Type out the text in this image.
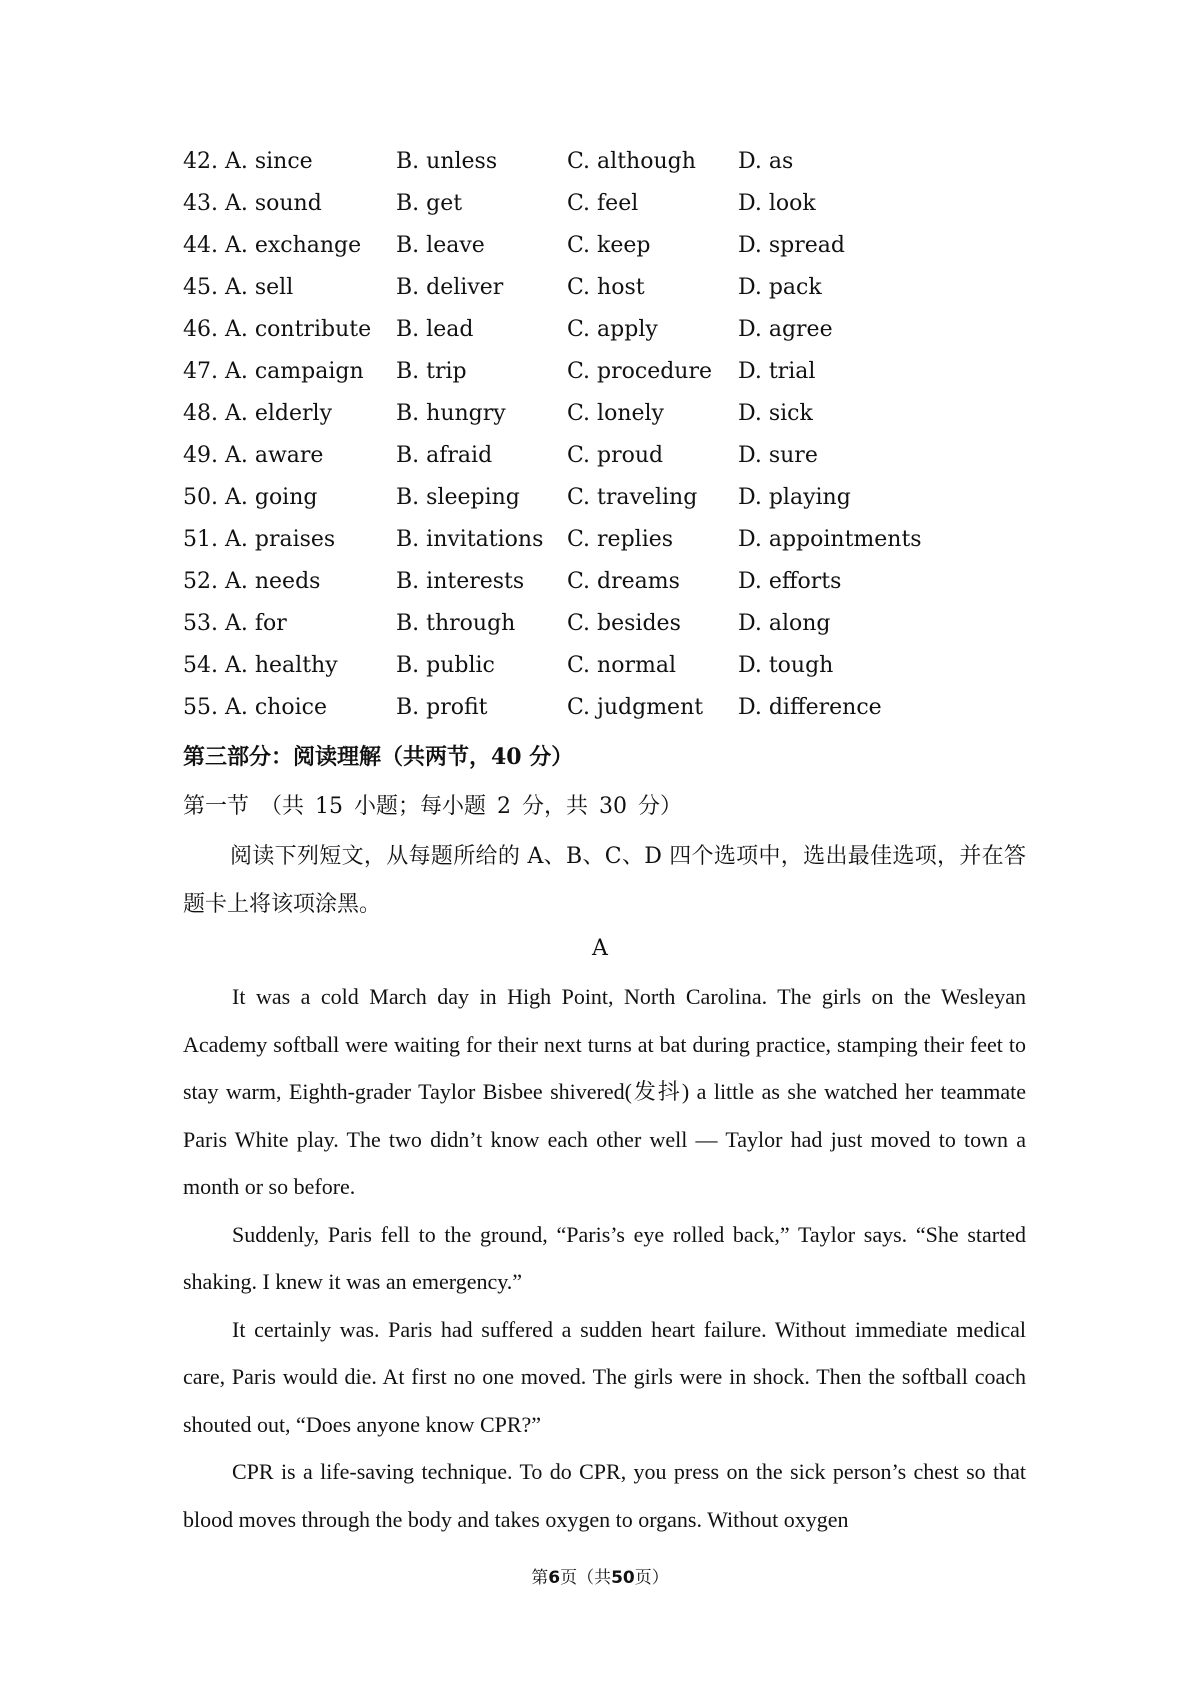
42. A. since	B. unless	C. although	D. as
43. A. sound	B. get	C. feel	D. look
44. A. exchange	B. leave	C. keep	D. spread
45. A. sell	B. deliver	C. host	D. pack
46. A. contribute	B. lead	C. apply	D. agree
47. A. campaign	B. trip	C. procedure	D. trial
48. A. elderly	B. hungry	C. lonely	D. sick
49. A. aware	B. afraid	C. proud	D. sure
50. A. going	B. sleeping	C. traveling	D. playing
51. A. praises	B. invitations	C. replies	D. appointments
52. A. needs	B. interests	C. dreams	D. efforts
53. A. for	B. through	C. besides	D. along
54. A. healthy	B. public	C. normal	D. tough
55. A. choice	B. profit	C. judgment	D. difference
第三部分：阅读理解（共两节，40 分）
第一节 （共 15 小题；每小题 2 分，共 30 分）
阅读下列短文，从每题所给的 A、B、C、D 四个选项中，选出最佳选项，并在答题卡上将该项涂黑。
A

It was a cold March day in High Point, North Carolina. The girls on the Wesleyan Academy softball were waiting for their next turns at bat during practice, stamping their feet to stay warm, Eighth-grader Taylor Bisbee shivered(发抖) a little as she watched her teammate Paris White play. The two didn’t know each other well — Taylor had just moved to town a month or so before.

Suddenly, Paris fell to the ground, “Paris’s eye rolled back,” Taylor says. “She started shaking. I knew it was an emergency.”

It certainly was. Paris had suffered a sudden heart failure. Without immediate medical care, Paris would die. At first no one moved. The girls were in shock. Then the softball coach shouted out, “Does anyone know CPR?”

CPR is a life-saving technique. To do CPR, you press on the sick person’s chest so that blood moves through the body and takes oxygen to organs. Without oxygen

第6页（共50页）
